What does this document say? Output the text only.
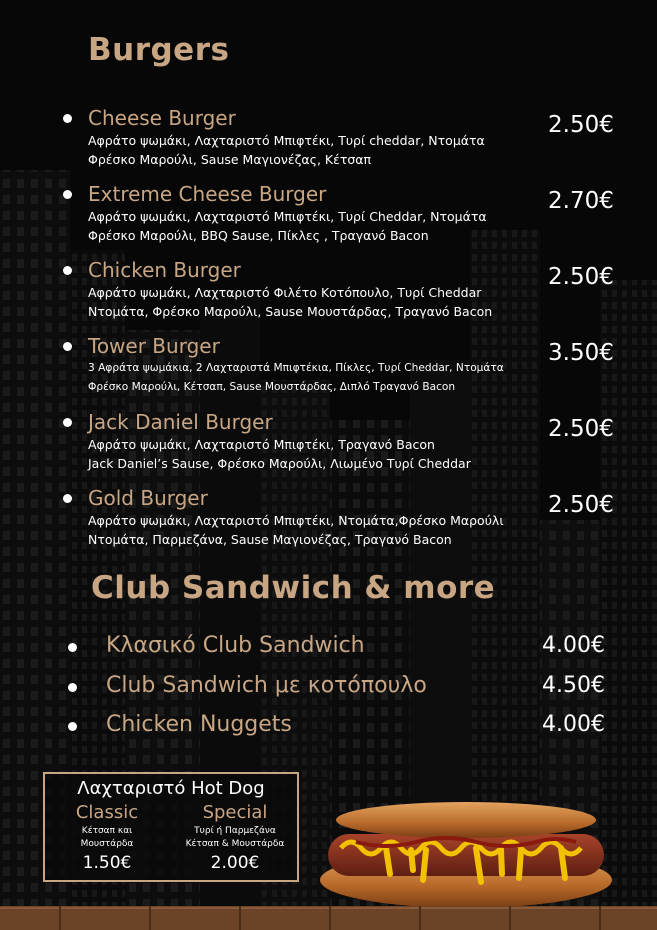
Burgers
Cheese Burger
Αφράτο ψωμάκι, Λαχταριστό Μπιφτέκι, Τυρί cheddar, Ντομάτα
Φρέσκο Μαρούλι, Sause Μαγιονέζας, Κέτσαπ
2.50€
Extreme Cheese Burger
Αφράτο ψωμάκι, Λαχταριστό Μπιφτέκι, Τυρί Cheddar, Ντομάτα
Φρέσκο Μαρούλι, BBQ Sause, Πίκλες , Τραγανό Bacon
2.70€
Chicken Burger
Αφράτο ψωμάκι, Λαχταριστό Φιλέτο Κοτόπουλο, Τυρί Cheddar
Ντομάτα, Φρέσκο Μαρούλι, Sause Μουστάρδας, Τραγανό Bacon
2.50€
Tower Burger
3 Αφράτα ψωμάκια, 2 Λαχταριστά Μπιφτέκια, Πίκλες, Τυρί Cheddar, Ντομάτα
Φρέσκο Μαρούλι, Κέτσαπ, Sause Μουστάρδας, Διπλό Τραγανό Bacon
3.50€
Jack Daniel Burger
Αφράτο ψωμάκι, Λαχταριστό Μπιφτέκι, Τραγανό Bacon
Jack Daniel’s Sause, Φρέσκο Μαρούλι, Λιωμένο Τυρί Cheddar
2.50€
Gold Burger
Αφράτο ψωμάκι, Λαχταριστό Μπιφτέκι, Ντομάτα,Φρέσκο Μαρούλι
Ντομάτα, Παρμεζάνα, Sause Μαγιονέζας, Τραγανό Bacon
2.50€
Club Sandwich & more
Κλασικό Club Sandwich	4.00€
Club Sandwich με κοτόπουλο	4.50€
Chicken Nuggets	4.00€
Λαχταριστό Hot Dog
Classic
Κέτσαπ και
Μουστάρδα
1.50€
Special
Τυρί ή Παρμεζάνα
Κέτσαπ & Μουστάρδα
2.00€
